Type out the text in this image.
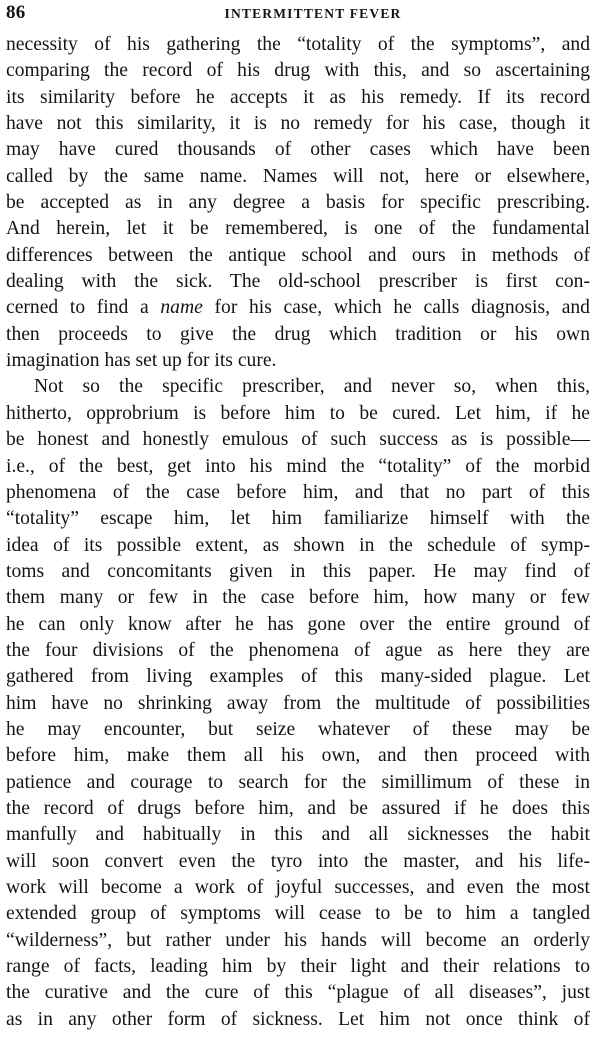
86	INTERMITTENT FEVER
necessity of his gathering the “totality of the symptoms”, and
comparing the record of his drug with this, and so ascertaining
its similarity before he accepts it as his remedy. If its record
have not this similarity, it is no remedy for his case, though it
may have cured thousands of other cases which have been
called by the same name. Names will not, here or elsewhere,
be accepted as in any degree a basis for specific prescribing.
And herein, let it be remembered, is one of the fundamental
differences between the antique school and ours in methods of
dealing with the sick. The old-school prescriber is first con-
cerned to find a name for his case, which he calls diagnosis, and
then proceeds to give the drug which tradition or his own
imagination has set up for its cure.
Not so the specific prescriber, and never so, when this,
hitherto, opprobrium is before him to be cured. Let him, if he
be honest and honestly emulous of such success as is possible—
i.e., of the best, get into his mind the “totality” of the morbid
phenomena of the case before him, and that no part of this
“totality” escape him, let him familiarize himself with the
idea of its possible extent, as shown in the schedule of symp-
toms and concomitants given in this paper. He may find of
them many or few in the case before him, how many or few
he can only know after he has gone over the entire ground of
the four divisions of the phenomena of ague as here they are
gathered from living examples of this many-sided plague. Let
him have no shrinking away from the multitude of possibilities
he may encounter, but seize whatever of these may be
before him, make them all his own, and then proceed with
patience and courage to search for the simillimum of these in
the record of drugs before him, and be assured if he does this
manfully and habitually in this and all sicknesses the habit
will soon convert even the tyro into the master, and his life-
work will become a work of joyful successes, and even the most
extended group of symptoms will cease to be to him a tangled
“wilderness”, but rather under his hands will become an orderly
range of facts, leading him by their light and their relations to
the curative and the cure of this “plague of all diseases”, just
as in any other form of sickness. Let him not once think of
